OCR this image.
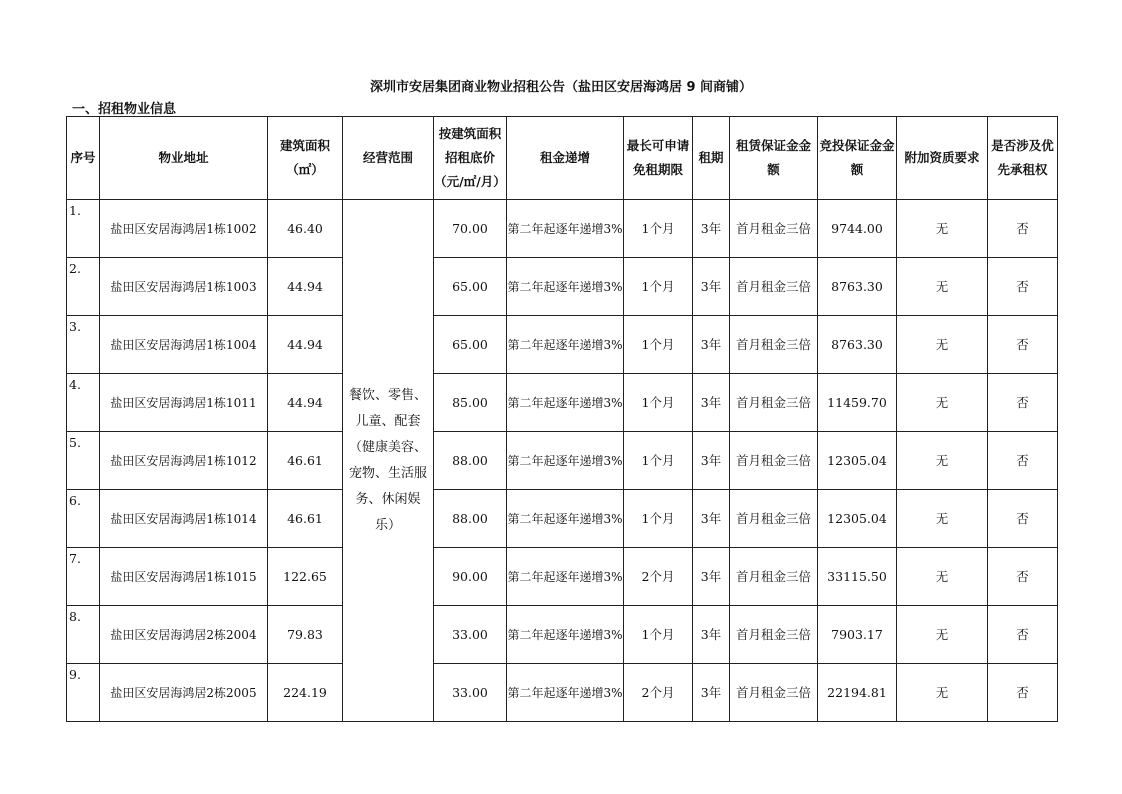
深圳市安居集团商业物业招租公告（盐田区安居海鸿居 9 间商铺）
一、招租物业信息
序号	物业地址	建筑面积（㎡）	经营范围	按建筑面积招租底价（元/㎡/月）	租金递增	最长可申请免租期限	租期	租赁保证金金额	竞投保证金金额	附加资质要求	是否涉及优先承租权
1.	盐田区安居海鸿居1栋1002	46.40	餐饮、零售、儿童、配套（健康美容、宠物、生活服务、休闲娱乐）	70.00	第二年起逐年递增3%	1个月	3年	首月租金三倍	9744.00	无	否
2.	盐田区安居海鸿居1栋1003	44.94		65.00	第二年起逐年递增3%	1个月	3年	首月租金三倍	8763.30	无	否
3.	盐田区安居海鸿居1栋1004	44.94		65.00	第二年起逐年递增3%	1个月	3年	首月租金三倍	8763.30	无	否
4.	盐田区安居海鸿居1栋1011	44.94		85.00	第二年起逐年递增3%	1个月	3年	首月租金三倍	11459.70	无	否
5.	盐田区安居海鸿居1栋1012	46.61		88.00	第二年起逐年递增3%	1个月	3年	首月租金三倍	12305.04	无	否
6.	盐田区安居海鸿居1栋1014	46.61		88.00	第二年起逐年递增3%	1个月	3年	首月租金三倍	12305.04	无	否
7.	盐田区安居海鸿居1栋1015	122.65		90.00	第二年起逐年递增3%	2个月	3年	首月租金三倍	33115.50	无	否
8.	盐田区安居海鸿居2栋2004	79.83		33.00	第二年起逐年递增3%	1个月	3年	首月租金三倍	7903.17	无	否
9.	盐田区安居海鸿居2栋2005	224.19		33.00	第二年起逐年递增3%	2个月	3年	首月租金三倍	22194.81	无	否
